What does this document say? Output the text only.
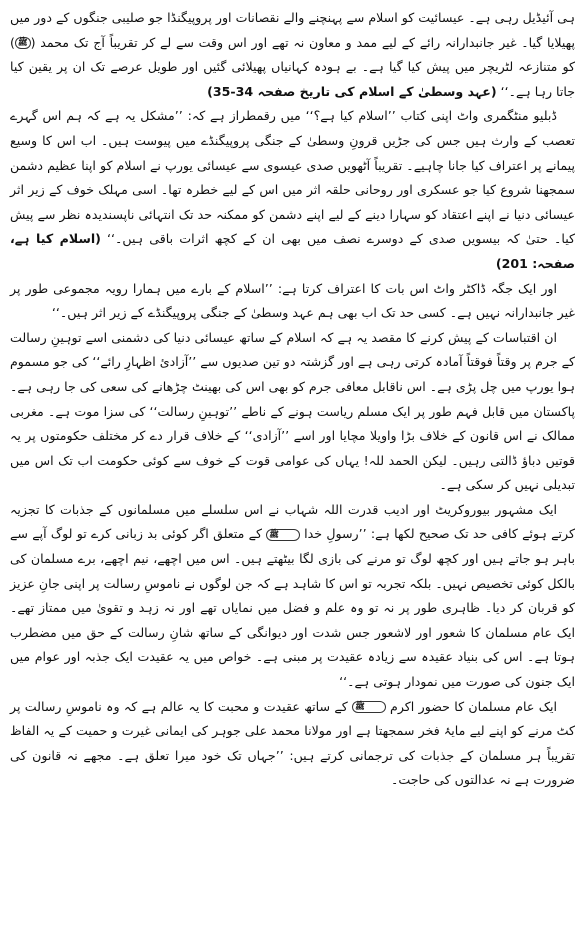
ہی آئیڈیل رہی ہے۔ عیسائیت کو اسلام سے پہنچنے والے نقصانات اور پروپیگنڈا جو صلیبی جنگوں کے دور میں پھیلایا گیا۔ غیر جانبدارانہ رائے کے لیے ممد و معاون نہ تھے اور اس وقت سے لے کر تقریباً آج تک محمد (ﷺ) کو متنازعہ لٹریچر میں پیش کیا گیا ہے۔ بے ہودہ کہانیاں پھیلائی گئیں اور طویل عرصے تک ان پر یقین کیا جاتا رہا ہے۔‘‘ (عہد وسطیٰ کے اسلام کی تاریخ صفحہ 34-35)

ڈبلیو منٹگمری واٹ اپنی کتاب ’’اسلام کیا ہے؟‘‘ میں رقمطراز ہے کہ: ’’مشکل یہ ہے کہ ہم اس گہرے تعصب کے وارث ہیں جس کی جڑیں قرونِ وسطیٰ کے جنگی پروپیگنڈے میں پیوست ہیں۔ اب اس کا وسیع پیمانے پر اعتراف کیا جانا چاہیے۔ تقریباً آٹھویں صدی عیسوی سے عیسائی یورپ نے اسلام کو اپنا عظیم دشمن سمجھنا شروع کیا جو عسکری اور روحانی حلقہ اثر میں اس کے لیے خطرہ تھا۔ اسی مہلک خوف کے زیر اثر عیسائی دنیا نے اپنے اعتقاد کو سہارا دینے کے لیے اپنے دشمن کو ممکنہ حد تک انتہائی ناپسندیدہ نظر سے پیش کیا۔ حتیٰ کہ بیسویں صدی کے دوسرے نصف میں بھی ان کے کچھ اثرات باقی ہیں۔‘‘ (اسلام کیا ہے، صفحہ: 201)

اور ایک جگہ ڈاکٹر واٹ اس بات کا اعتراف کرتا ہے: ’’اسلام کے بارے میں ہمارا رویہ مجموعی طور پر غیر جانبدارانہ نہیں ہے۔ کسی حد تک اب بھی ہم عہد وسطیٰ کے جنگی پروپیگنڈے کے زیر اثر ہیں۔‘‘

ان اقتباسات کے پیش کرنے کا مقصد یہ ہے کہ اسلام کے ساتھ عیسائی دنیا کی دشمنی اسے توہینِ رسالت کے جرم پر وقتاً فوقتاً آمادہ کرتی رہی ہے اور گزشتہ دو تین صدیوں سے ’’آزادیٔ اظہارِ رائے‘‘ کی جو مسموم ہوا یورپ میں چل پڑی ہے۔ اس ناقابل معافی جرم کو بھی اس کی بھینٹ چڑھانے کی سعی کی جا رہی ہے۔ پاکستان میں قابل فہم طور پر ایک مسلم ریاست ہونے کے ناطے ’’توہینِ رسالت‘‘ کی سزا موت ہے۔ مغربی ممالک نے اس قانون کے خلاف بڑا واویلا مچایا اور اسے ’’آزادی‘‘ کے خلاف قرار دے کر مختلف حکومتوں پر یہ قوتیں دباؤ ڈالتی رہیں۔ لیکن الحمد للہ! یہاں کی عوامی قوت کے خوف سے کوئی حکومت اب تک اس میں تبدیلی نہیں کر سکی ہے۔

ایک مشہور بیوروکریٹ اور ادیب قدرت اللہ شہاب نے اس سلسلے میں مسلمانوں کے جذبات کا تجزیہ کرتے ہوئے کافی حد تک صحیح لکھا ہے: ’’رسولِ خدا ﷺ کے متعلق اگر کوئی بد زبانی کرے تو لوگ آپے سے باہر ہو جاتے ہیں اور کچھ لوگ تو مرنے کی بازی لگا بیٹھتے ہیں۔ اس میں اچھے، نیم اچھے، برے مسلمان کی بالکل کوئی تخصیص نہیں۔ بلکہ تجربہ تو اس کا شاہد ہے کہ جن لوگوں نے ناموسِ رسالت پر اپنی جانِ عزیز کو قربان کر دیا۔ ظاہری طور پر نہ تو وہ علم و فضل میں نمایاں تھے اور نہ زہد و تقویٰ میں ممتاز تھے۔ ایک عام مسلمان کا شعور اور لاشعور جس شدت اور دیوانگی کے ساتھ شانِ رسالت کے حق میں مضطرب ہوتا ہے۔ اس کی بنیاد عقیدہ سے زیادہ عقیدت پر مبنی ہے۔ خواص میں یہ عقیدت ایک جذبہ اور عوام میں ایک جنون کی صورت میں نمودار ہوتی ہے۔‘‘

ایک عام مسلمان کا حضور اکرم ﷺ کے ساتھ عقیدت و محبت کا یہ عالم ہے کہ وہ ناموسِ رسالت پر کٹ مرنے کو اپنے لیے مایۂ فخر سمجھتا ہے اور مولانا محمد علی جوہر کی ایمانی غیرت و حمیت کے یہ الفاظ تقریباً ہر مسلمان کے جذبات کی ترجمانی کرتے ہیں: ’’جہاں تک خود میرا تعلق ہے۔ مجھے نہ قانون کی ضرورت ہے نہ عدالتوں کی حاجت۔
